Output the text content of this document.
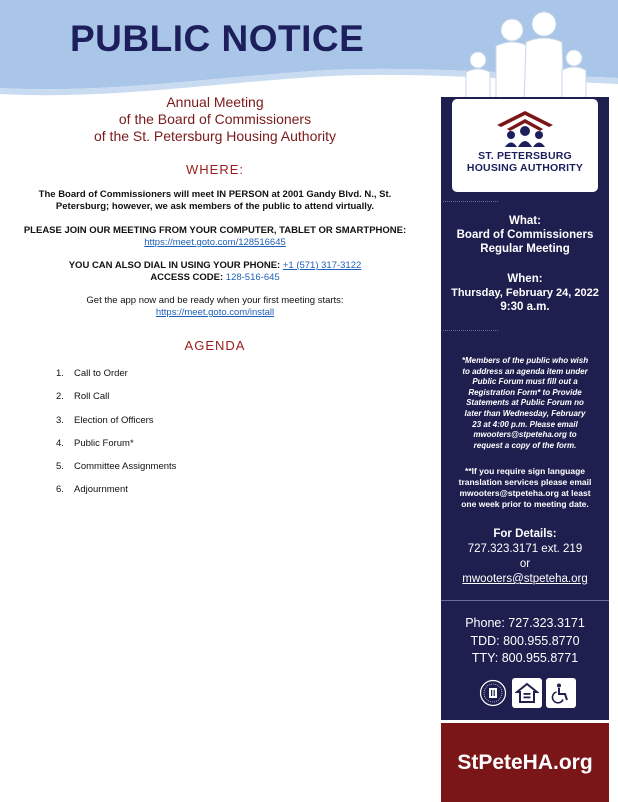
PUBLIC NOTICE
Annual Meeting
of the Board of Commissioners
of the St. Petersburg Housing Authority
WHERE:
The Board of Commissioners will meet IN PERSON at 2001 Gandy Blvd. N., St.
Petersburg; however, we ask members of the public to attend virtually.
PLEASE JOIN OUR MEETING FROM YOUR COMPUTER, TABLET OR SMARTPHONE:
https://meet.goto.com/128516645
YOU CAN ALSO DIAL IN USING YOUR PHONE: +1 (571) 317-3122
ACCESS CODE: 128-516-645
Get the app now and be ready when your first meeting starts:
https://meet.goto.com/install
AGENDA
1.	Call to Order
2.	Roll Call
3.	Election of Officers
4.	Public Forum*
5.	Committee Assignments
6.	Adjournment
ST. PETERSBURG
HOUSING AUTHORITY
What:
Board of Commissioners
Regular Meeting
When:
Thursday, February 24, 2022
9:30 a.m.
*Members of the public who wish
to address an agenda item under
Public Forum must fill out a
Registration Form* to Provide
Statements at Public Forum no
later than Wednesday, February
23 at 4:00 p.m. Please email
mwooters@stpeteha.org to
request a copy of the form.
**If you require sign language
translation services please email
mwooters@stpeteha.org at least
one week prior to meeting date.
For Details:
727.323.3171 ext. 219
or
mwooters@stpeteha.org
Phone: 727.323.3171
TDD: 800.955.8770
TTY: 800.955.8771
StPeteHA.org
